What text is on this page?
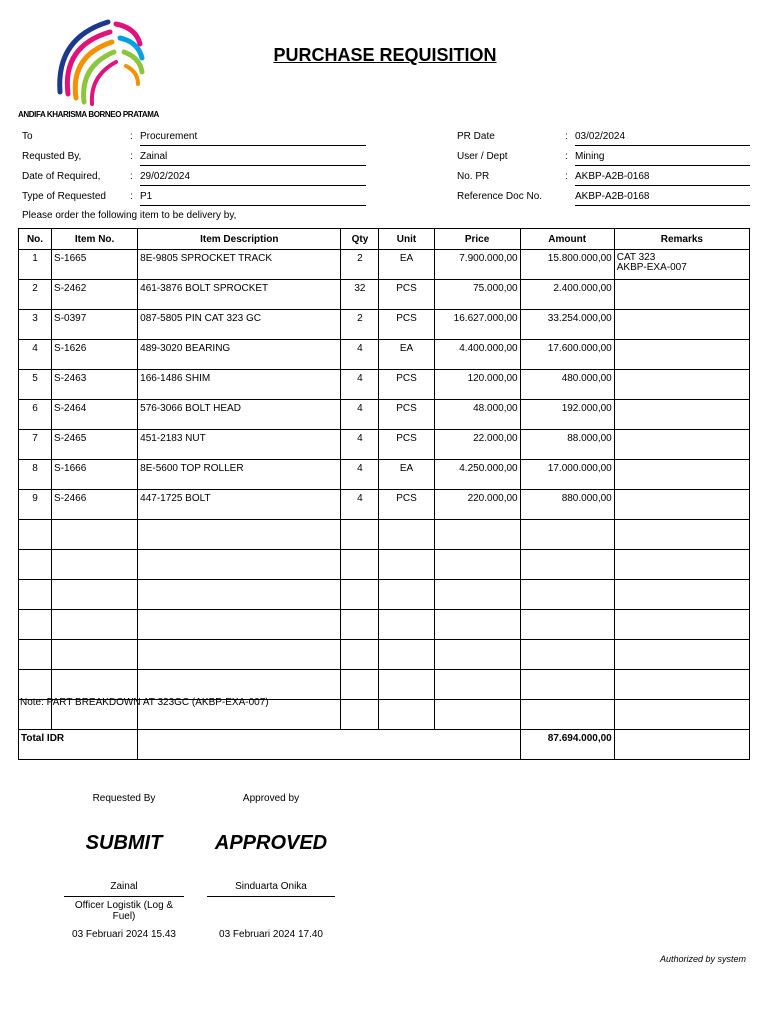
ANDIFA KHARISMA BORNEO PRATAMA
PURCHASE REQUISITION
To	: Procurement
Requsted By,	: Zainal
Date of Required,	: 29/02/2024
Type of Requested : P1
PR Date	: 03/02/2024
User / Dept	: Mining
No. PR	: AKBP-A2B-0168
Reference Doc No.	AKBP-A2B-0168
Please order the following item to be delivery by,
No.	Item No.	Item Description	Qty	Unit	Price	Amount	Remarks
1	S-1665	8E-9805 SPROCKET TRACK	2	EA	7.900.000,00	15.800.000,00	CAT 323
AKBP-EXA-007
2	S-2462	461-3876 BOLT SPROCKET	32	PCS	75.000,00	2.400.000,00	
3	S-0397	087-5805 PIN CAT 323 GC	2	PCS	16.627.000,00	33.254.000,00	
4	S-1626	489-3020 BEARING	4	EA	4.400.000,00	17.600.000,00	
5	S-2463	166-1486 SHIM	4	PCS	120.000,00	480.000,00	
6	S-2464	576-3066 BOLT HEAD	4	PCS	48.000,00	192.000,00	
7	S-2465	451-2183 NUT	4	PCS	22.000,00	88.000,00	
8	S-1666	8E-5600 TOP ROLLER	4	EA	4.250.000,00	17.000.000,00	
9	S-2466	447-1725 BOLT	4	PCS	220.000,00	880.000,00	

Total IDR						87.694.000,00	
Note: PART BREAKDOWN AT 323GC (AKBP-EXA-007)
Requested By
SUBMIT
Zainal
Officer Logistik (Log & Fuel)
03 Februari 2024 15.43
Approved by
APPROVED
Sinduarta Onika
03 Februari 2024 17.40
Authorized by system
